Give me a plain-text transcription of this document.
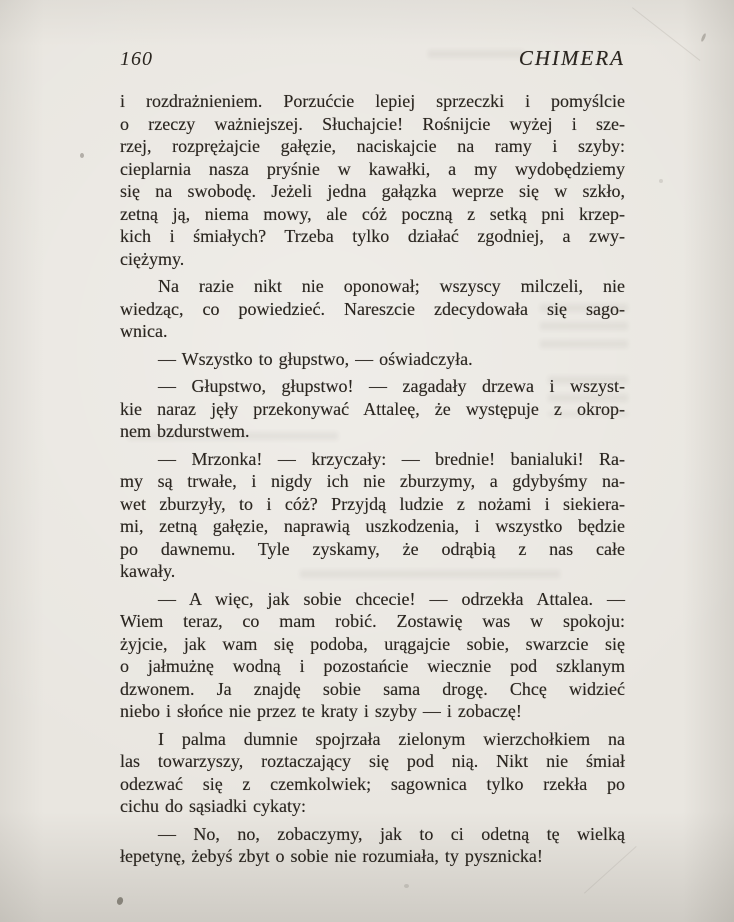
160	CHIMERA
i rozdrażnieniem. Porzućcie lepiej sprzeczki i pomyślcie
o rzeczy ważniejszej. Słuchajcie! Rośnijcie wyżej i sze-
rzej, rozprężajcie gałęzie, naciskajcie na ramy i szyby:
cieplarnia nasza pryśnie w kawałki, a my wydobędziemy
się na swobodę. Jeżeli jedna gałązka weprze się w szkło,
zetną ją, niema mowy, ale cóż poczną z setką pni krzep-
kich i śmiałych? Trzeba tylko działać zgodniej, a zwy-
ciężymy.
Na razie nikt nie oponował; wszyscy milczeli, nie
wiedząc, co powiedzieć. Nareszcie zdecydowała się sago-
wnica.
— Wszystko to głupstwo, — oświadczyła.
— Głupstwo, głupstwo! — zagadały drzewa i wszyst-
kie naraz jęły przekonywać Attaleę, że występuje z okrop-
nem bzdurstwem.
— Mrzonka! — krzyczały: — brednie! banialuki! Ra-
my są trwałe, i nigdy ich nie zburzymy, a gdybyśmy na-
wet zburzyły, to i cóż? Przyjdą ludzie z nożami i siekiera-
mi, zetną gałęzie, naprawią uszkodzenia, i wszystko będzie
po dawnemu. Tyle zyskamy, że odrąbią z nas całe
kawały.
— A więc, jak sobie chcecie! — odrzekła Attalea. —
Wiem teraz, co mam robić. Zostawię was w spokoju:
żyjcie, jak wam się podoba, urągajcie sobie, swarzcie się
o jałmużnę wodną i pozostańcie wiecznie pod szklanym
dzwonem. Ja znajdę sobie sama drogę. Chcę widzieć
niebo i słońce nie przez te kraty i szyby — i zobaczę!
I palma dumnie spojrzała zielonym wierzchołkiem na
las towarzyszy, roztaczający się pod nią. Nikt nie śmiał
odezwać się z czemkolwiek; sagownica tylko rzekła po
cichu do sąsiadki cykaty:
— No, no, zobaczymy, jak to ci odetną tę wielką
łepetynę, żebyś zbyt o sobie nie rozumiała, ty pysznicka!
